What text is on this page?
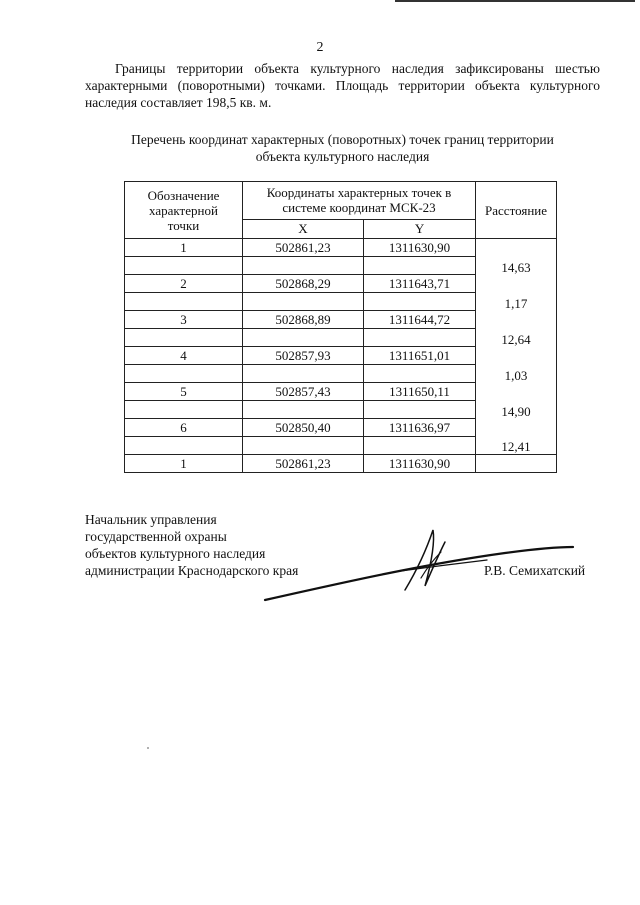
2

Границы территории объекта культурного наследия зафиксированы шестью характерными (поворотными) точками. Площадь территории объекта культурного наследия составляет 198,5 кв. м.

Перечень координат характерных (поворотных) точек границ территории
объекта культурного наследия

Обозначение
характерной
точки	Координаты характерных точек в
системе координат МСК-23		Расстояние
	X	Y	
1	502861,23	1311630,90	
			14,63
2	502868,29	1311643,71	
			1,17
3	502868,89	1311644,72	
			12,64
4	502857,93	1311651,01	
			1,03
5	502857,43	1311650,11	
			14,90
6	502850,40	1311636,97	
			12,41
1	502861,23	1311630,90	
Начальник управления
государственной охраны
объектов культурного наследия
администрации Краснодарского края	Р.В. Семихатский
